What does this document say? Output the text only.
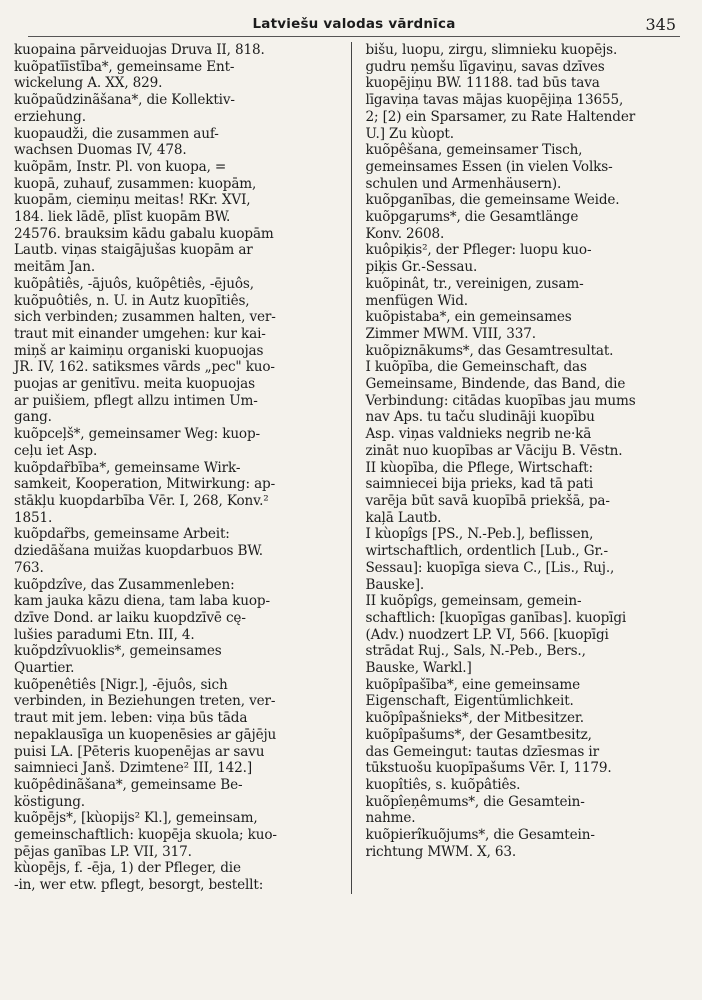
Latviešu valodas vārdnīca	345
kuopaina pārveiduojas Druva II, 818.
kuõpatīīstība*, gemeinsame Ent-
wickelung A. XX, 829.
kuõpaũdzinãšana*, die Kollektiv-
erziehung.
kuopaudži, die zusammen auf-
wachsen Duomas IV, 478.
kuõpām, Instr. Pl. von kuopa, =
kuopā, zuhauf, zusammen: kuopām,
kuopām, ciemiņu meitas! RKr. XVI,
184. liek lādē, plīst kuopām BW.
24576. brauksim kādu gabalu kuopām
Lautb. viņas staigājušas kuopām ar
meitām Jan.
kuõpâtiês, -ājuôs, kuõpêtiês, -ējuôs,
kuõpuôtiês, n. U. in Autz kuopītiês,
sich verbinden; zusammen halten, ver-
traut mit einander umgehen: kur kai-
miņš ar kaimiņu organiski kuopuojas
JR. IV, 162. satiksmes vārds „pec" kuo-
puojas ar genitīvu. meita kuopuojas
ar puišiem, pflegt allzu intimen Um-
gang.
kuõpceļš*, gemeinsamer Weg: kuop-
ceļu iet Asp.
kuõpdar̃bība*, gemeinsame Wirk-
samkeit, Kooperation, Mitwirkung: ap-
stākļu kuopdarbība Vēr. I, 268, Konv.²
1851.
kuõpdar̃bs, gemeinsame Arbeit:
dziedāšana muižas kuopdarbuos BW.
763.
kuõpdzîve, das Zusammenleben:
kam jauka kāzu diena, tam laba kuop-
dzīve Dond. ar laiku kuopdzīvē cę-
lušies paradumi Etn. III, 4.
kuõpdzîvuoklis*, gemeinsames
Quartier.
kuõpenêtiês [Nigr.], -ējuôs, sich
verbinden, in Beziehungen treten, ver-
traut mit jem. leben: viņa būs tāda
nepaklausīga un kuopenēsies ar gājēju
puisi LA. [Pēteris kuopenējas ar savu
saimnieci Janš. Dzimtene² III, 142.]
kuõpêdinãšana*, gemeinsame Be-
köstigung.
kuõpējs*, [kùopijs² Kl.], gemeinsam,
gemeinschaftlich: kuopēja skuola; kuo-
pējas ganības LP. VII, 317.
kùopējs, f. -ēja, 1) der Pfleger, die
-in, wer etw. pflegt, besorgt, bestellt:
bišu, luopu, zirgu, slimnieku kuopējs.
gudru ņemšu līgaviņu, savas dzīves
kuopējiņu BW. 11188. tad būs tava
līgaviņa tavas mājas kuopējiņa 13655,
2; [2) ein Sparsamer, zu Rate Haltender
U.] Zu kùopt.
kuõpêšana, gemeinsamer Tisch,
gemeinsames Essen (in vielen Volks-
schulen und Armenhäusern).
kuõpganības, die gemeinsame Weide.
kuõpgaŗums*, die Gesamtlänge
Konv. 2608.
kuôpiķis², der Pfleger: luopu kuo-
piķis Gr.-Sessau.
kuõpinât, tr., vereinigen, zusam-
menfügen Wid.
kuõpistaba*, ein gemeinsames
Zimmer MWM. VIII, 337.
kuõpiznākums*, das Gesamtresultat.
I kuõpība, die Gemeinschaft, das
Gemeinsame, Bindende, das Band, die
Verbindung: citādas kuopības jau mums
nav Aps. tu taču sludināji kuopību
Asp. viņas valdnieks negrib ne·kā
zināt nuo kuopības ar Vāciju B. Vēstn.
II kùopība, die Pflege, Wirtschaft:
saimniecei bija prieks, kad tā pati
varēja būt savā kuopībā priekšā, pa-
kaļā Lautb.
I kùopîgs [PS., N.-Peb.], beflissen,
wirtschaftlich, ordentlich [Lub., Gr.-
Sessau]: kuopīga sieva C., [Lis., Ruj.,
Bauske].
II kuõpîgs, gemeinsam, gemein-
schaftlich: [kuopīgas ganības]. kuopīgi
(Adv.) nuodzert LP. VI, 566. [kuopīgi
strādat Ruj., Sals, N.-Peb., Bers.,
Bauske, Warkl.]
kuõpîpašība*, eine gemeinsame
Eigenschaft, Eigentümlichkeit.
kuõpîpašnieks*, der Mitbesitzer.
kuõpîpašums*, der Gesamtbesitz,
das Gemeingut: tautas dzīesmas ir
tūkstuošu kuopīpašums Vēr. I, 1179.
kuopîtiês, s. kuõpâtiês.
kuõpîeņêmums*, die Gesamtein-
nahme.
kuõpierîkuõjums*, die Gesamtein-
richtung MWM. X, 63.
